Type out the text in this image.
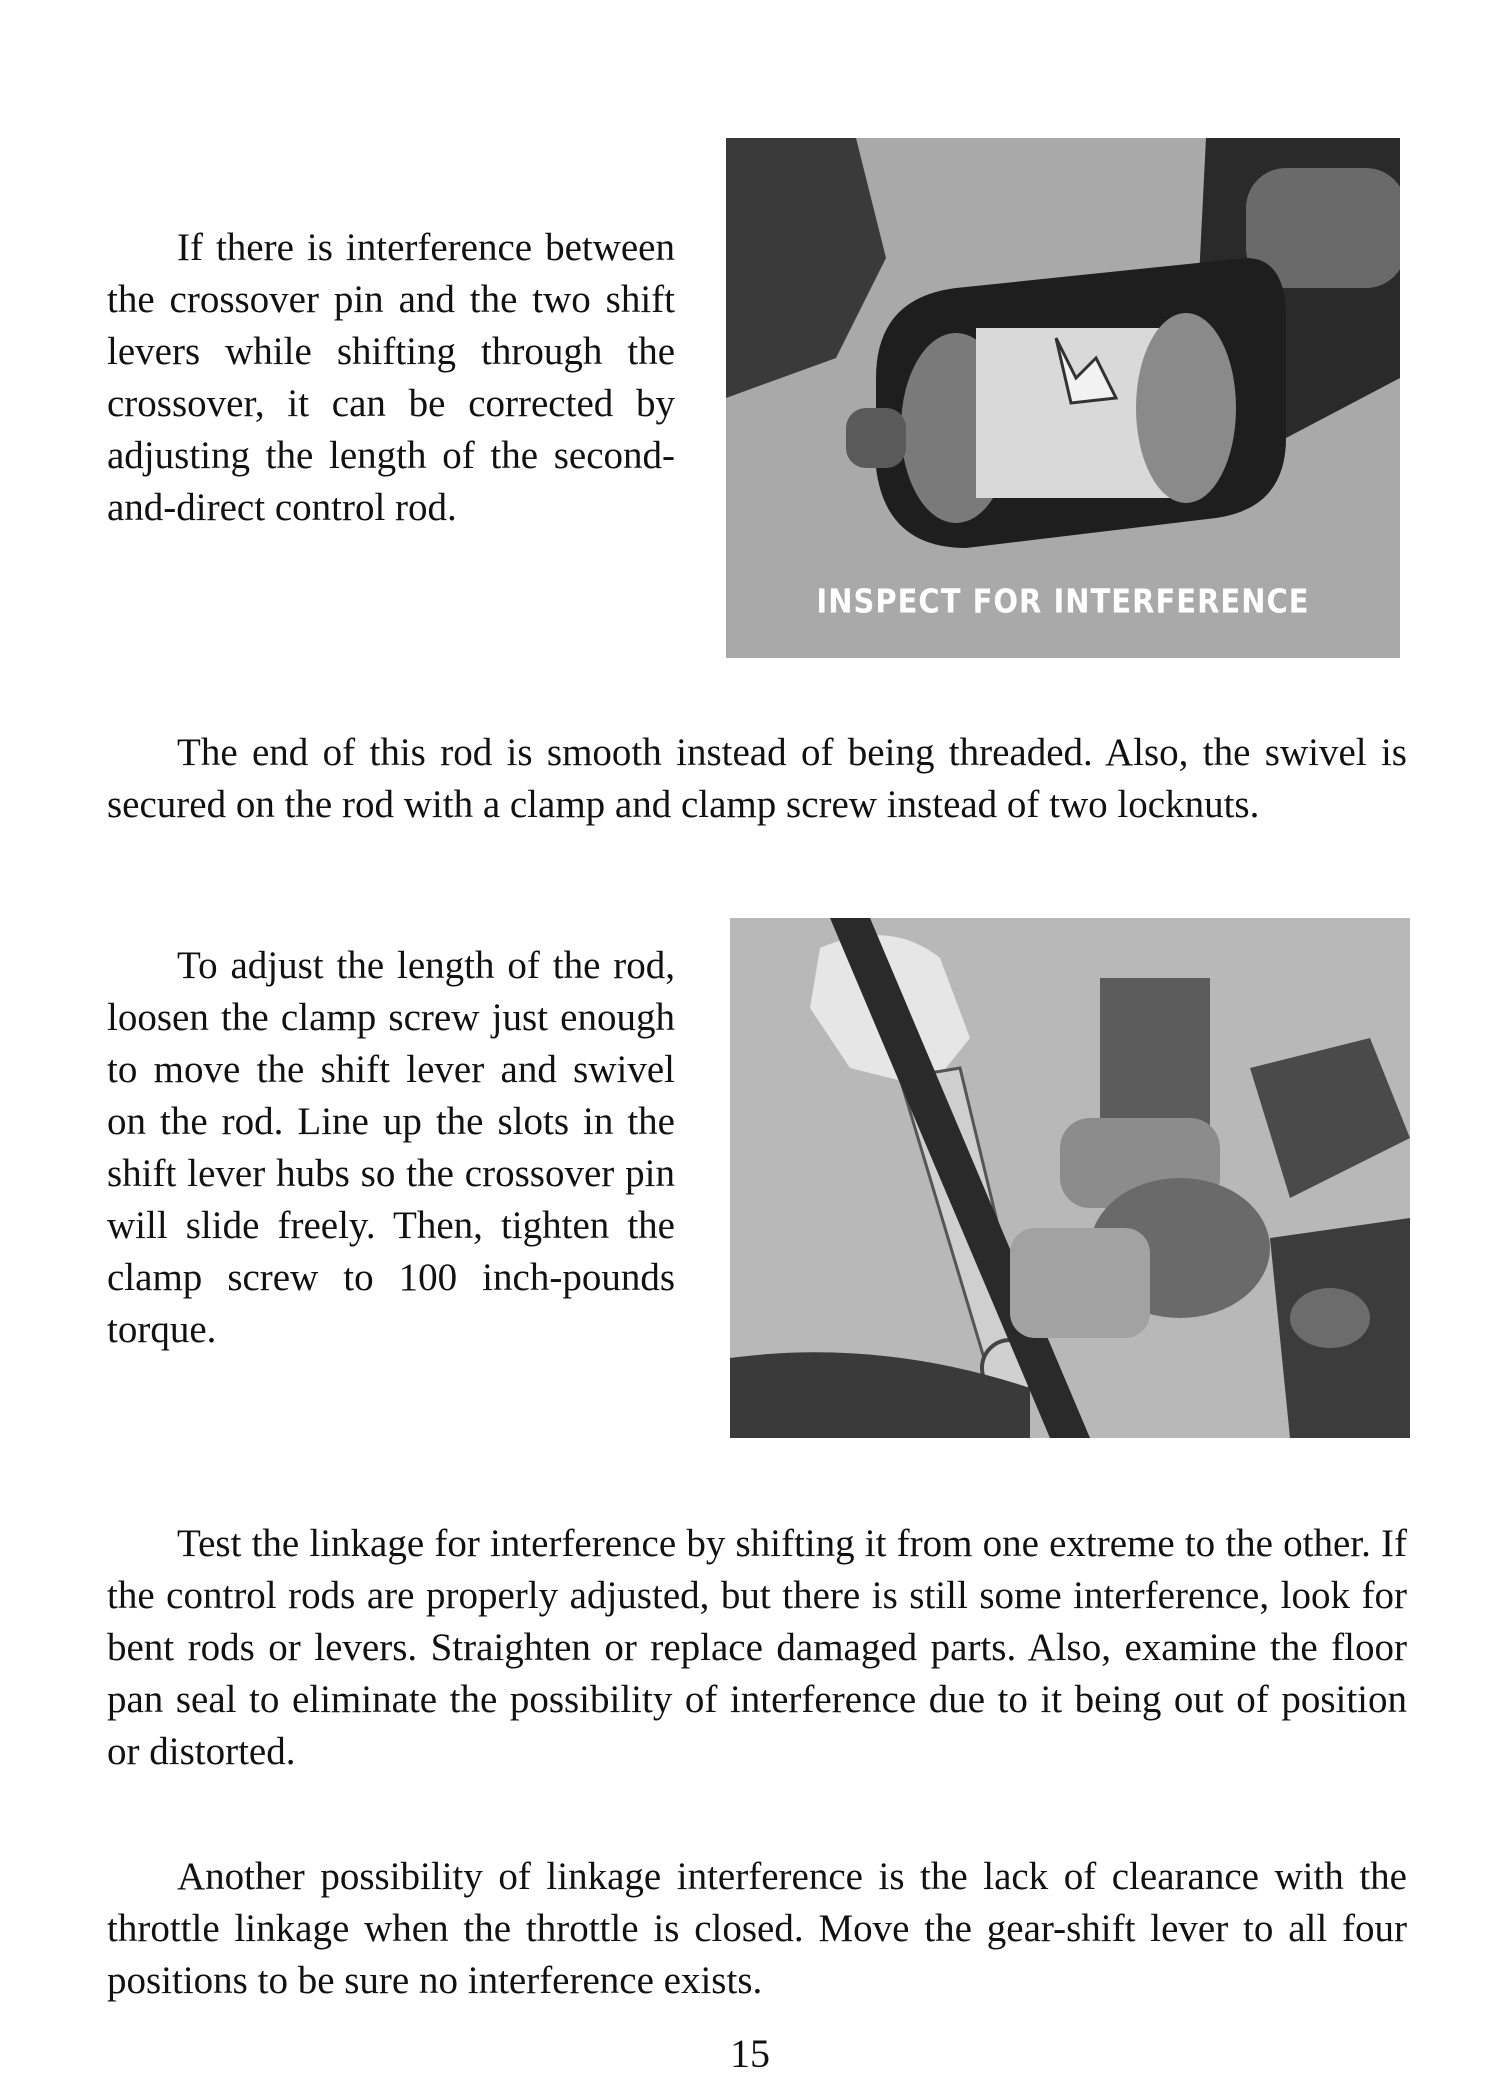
If there is interference between the crossover pin and the two shift levers while shifting through the crossover, it can be corrected by adjusting the length of the second-and-direct control rod.

INSPECT FOR INTERFERENCE

The end of this rod is smooth instead of being threaded. Also, the swivel is secured on the rod with a clamp and clamp screw instead of two locknuts.

To adjust the length of the rod, loosen the clamp screw just enough to move the shift lever and swivel on the rod. Line up the slots in the shift lever hubs so the crossover pin will slide freely. Then, tighten the clamp screw to 100 inch-pounds torque.

Test the linkage for interference by shifting it from one extreme to the other. If the control rods are properly adjusted, but there is still some interference, look for bent rods or levers. Straighten or replace damaged parts. Also, examine the floor pan seal to eliminate the possibility of interference due to it being out of position or distorted.

Another possibility of linkage interference is the lack of clearance with the throttle linkage when the throttle is closed. Move the gear-shift lever to all four positions to be sure no interference exists.

15
